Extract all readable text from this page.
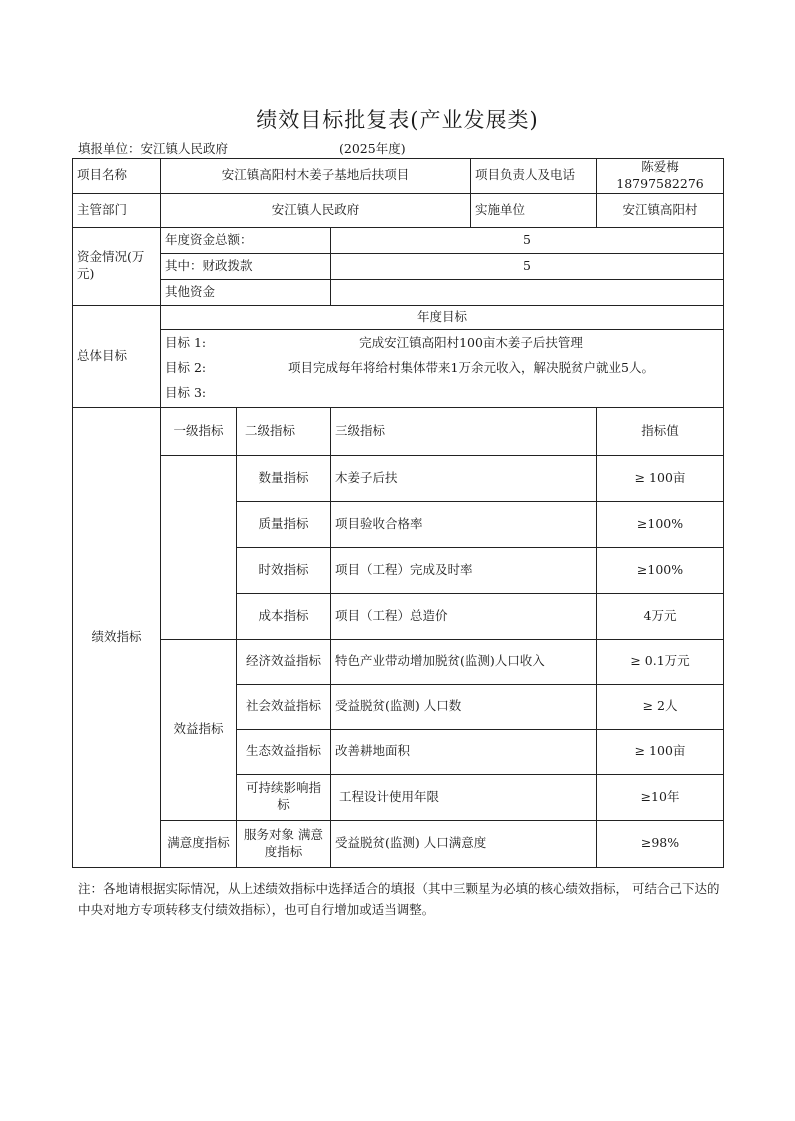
绩效目标批复表(产业发展类)
填报单位：安江镇人民政府	(2025年度)
项目名称	安江镇高阳村木姜子基地后扶项目			项目负责人及电话	陈爱梅18797582276
主管部门	安江镇人民政府			实施单位	安江镇高阳村
资金情况(万元)	年度资金总额：		5		
	其中：财政拨款		5		
	其他资金				
总体目标	年度目标				

	目标 1: 完成安江镇高阳村100亩木姜子后扶管理
目标 2: 项目完成每年将给村集体带来1万余元收入，解决脱贫户就业5人。
目标 3:				

绩效指标	一级指标	二级指标	三级指标		指标值
		数量指标	木姜子后扶		≥ 100亩
		质量指标	项目验收合格率		≥100%
		时效指标	项目（工程）完成及时率		≥100%
		成本指标	项目（工程）总造价		4万元
	效益指标	经济效益指标	特色产业带动增加脱贫(监测)人口收入		≥ 0.1万元
		社会效益指标	受益脱贫(监测) 人口数		≥ 2人
		生态效益指标	改善耕地面积		≥ 100亩
		可持续影响指标	工程设计使用年限		≥10年
	满意度指标	服务对象 满意度指标	受益脱贫(监测) 人口满意度		≥98%
注：各地请根据实际情况，从上述绩效指标中选择适合的填报（其中三颗星为必填的核心绩效指标， 可结合己下达的中央对地方专项转移支付绩效指标），也可自行增加或适当调整。
